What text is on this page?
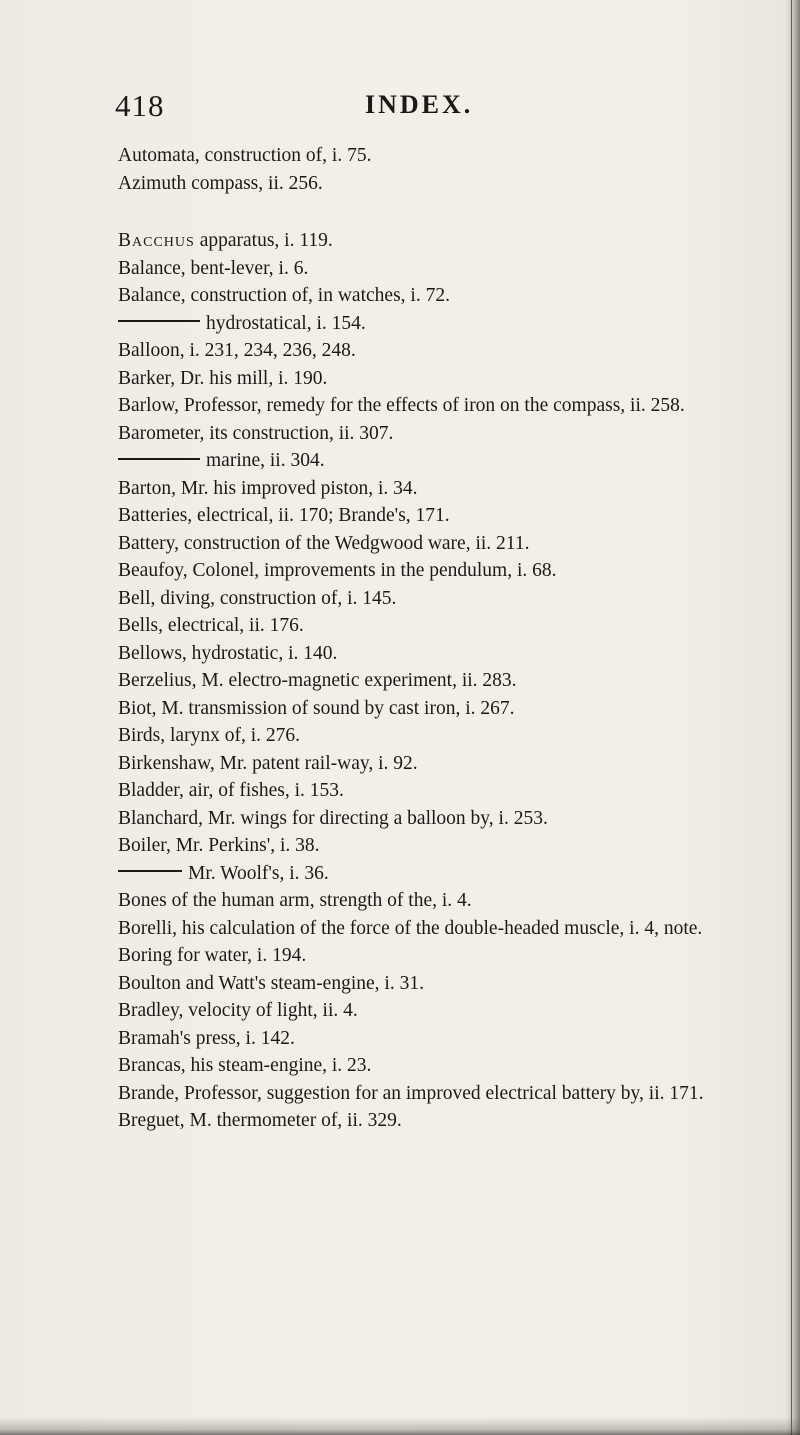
418	INDEX.

Automata, construction of, i. 75.

Azimuth compass, ii. 256.

Bacchus apparatus, i. 119.

Balance, bent-lever, i. 6.

Balance, construction of, in watches, i. 72.

hydrostatical, i. 154.

Balloon, i. 231, 234, 236, 248.

Barker, Dr. his mill, i. 190.

Barlow, Professor, remedy for the effects of iron on the compass, ii. 258.

Barometer, its construction, ii. 307.

marine, ii. 304.

Barton, Mr. his improved piston, i. 34.

Batteries, electrical, ii. 170; Brande's, 171.

Battery, construction of the Wedgwood ware, ii. 211.

Beaufoy, Colonel, improvements in the pendulum, i. 68.

Bell, diving, construction of, i. 145.

Bells, electrical, ii. 176.

Bellows, hydrostatic, i. 140.

Berzelius, M. electro-magnetic experiment, ii. 283.

Biot, M. transmission of sound by cast iron, i. 267.

Birds, larynx of, i. 276.

Birkenshaw, Mr. patent rail-way, i. 92.

Bladder, air, of fishes, i. 153.

Blanchard, Mr. wings for directing a balloon by, i. 253.

Boiler, Mr. Perkins', i. 38.

Mr. Woolf's, i. 36.

Bones of the human arm, strength of the, i. 4.

Borelli, his calculation of the force of the double-headed muscle, i. 4, note.

Boring for water, i. 194.

Boulton and Watt's steam-engine, i. 31.

Bradley, velocity of light, ii. 4.

Bramah's press, i. 142.

Brancas, his steam-engine, i. 23.

Brande, Professor, suggestion for an improved electrical battery by, ii. 171.

Breguet, M. thermometer of, ii. 329.
